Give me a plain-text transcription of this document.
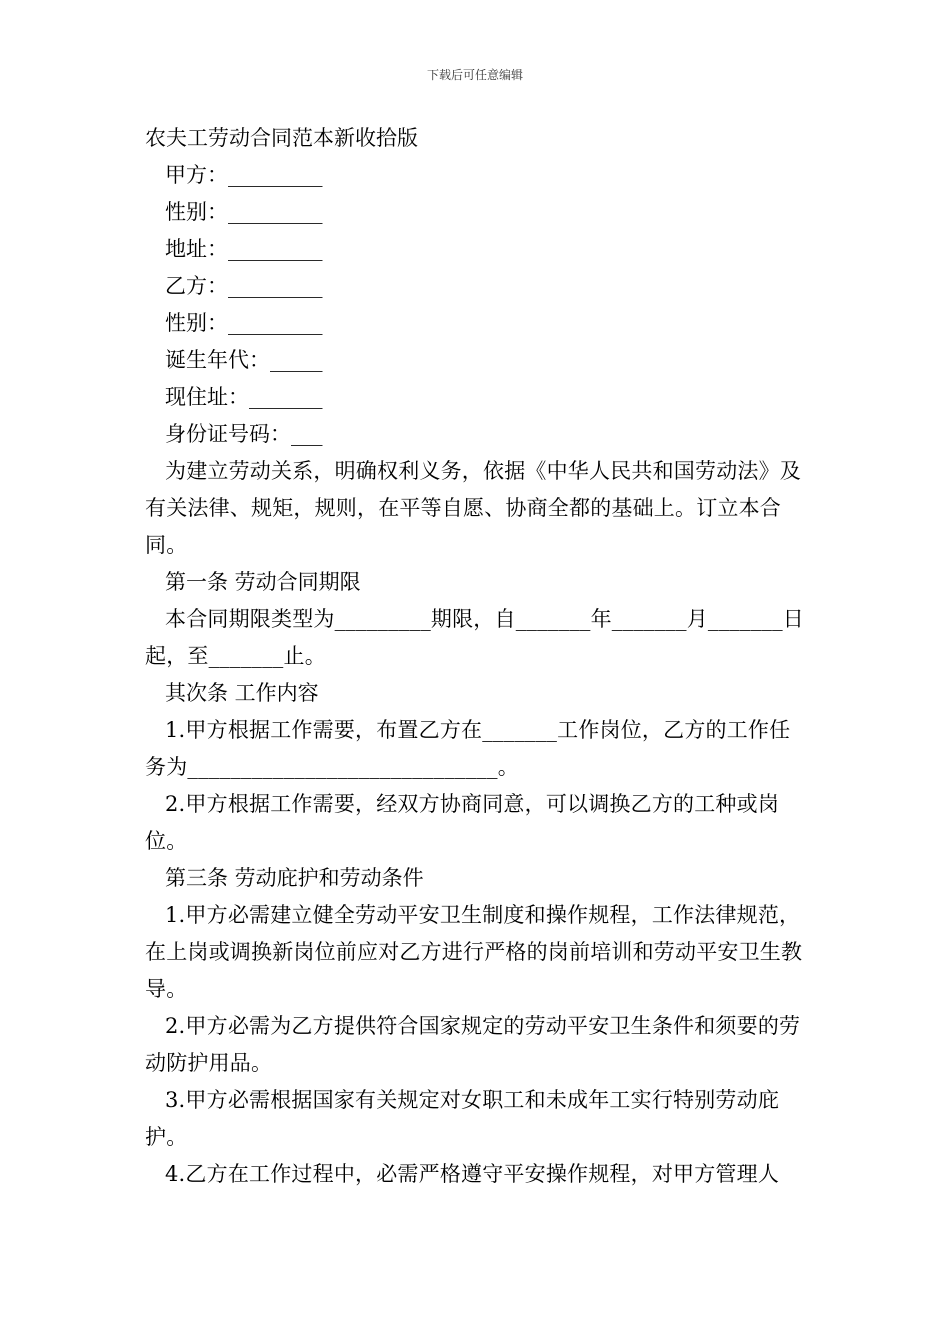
下载后可任意编辑

农夫工劳动合同范本新收拾版

甲方：_________

性别：_________

地址：_________

乙方：_________

性别：_________

诞生年代：_____

现住址：_______

身份证号码：___

为建立劳动关系，明确权利义务，依据《中华人民共和国劳动法》及有关法律、规矩，规则，在平等自愿、协商全都的基础上。订立本合同。

第一条 劳动合同期限

本合同期限类型为_________期限，自_______年_______月_______日起，至_______止。

其次条 工作内容

1.甲方根据工作需要，布置乙方在_______工作岗位，乙方的工作任务为_____________________________。

2.甲方根据工作需要，经双方协商同意，可以调换乙方的工种或岗位。

第三条 劳动庇护和劳动条件

1.甲方必需建立健全劳动平安卫生制度和操作规程，工作法律规范，在上岗或调换新岗位前应对乙方进行严格的岗前培训和劳动平安卫生教导。

2.甲方必需为乙方提供符合国家规定的劳动平安卫生条件和须要的劳动防护用品。

3.甲方必需根据国家有关规定对女职工和未成年工实行特别劳动庇护。

4.乙方在工作过程中，必需严格遵守平安操作规程，对甲方管理人
